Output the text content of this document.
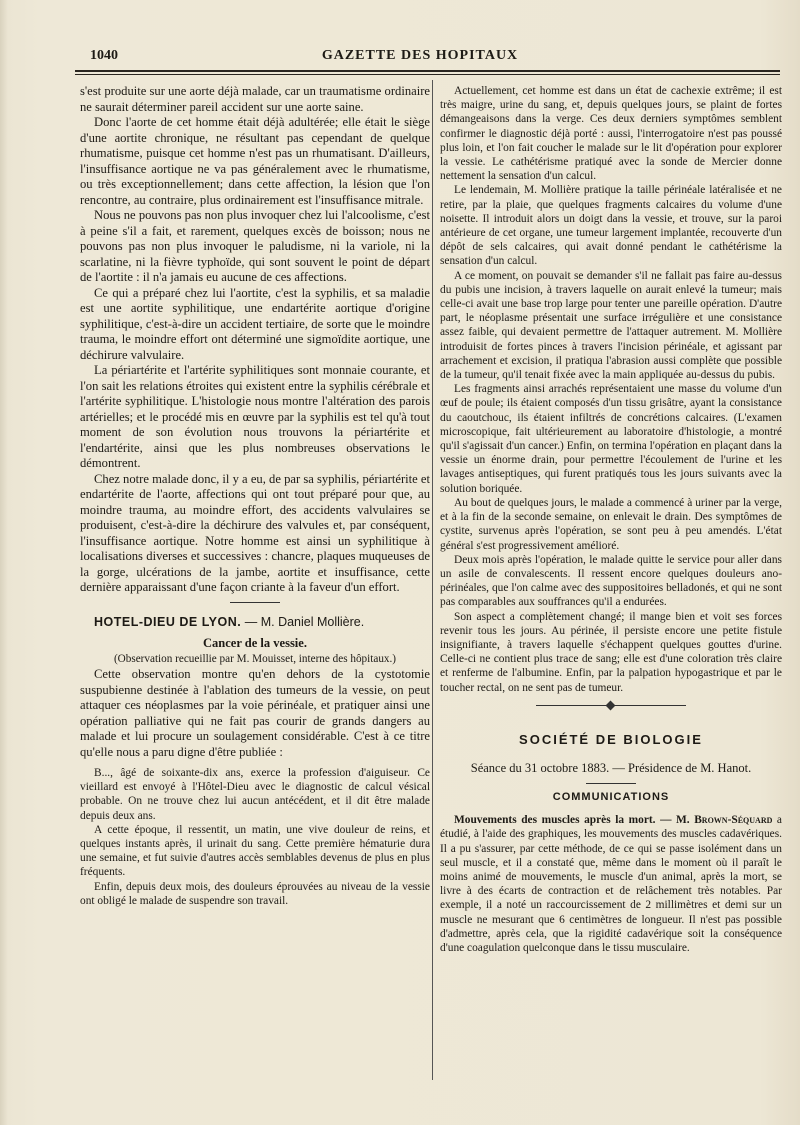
1040	GAZETTE DES HOPITAUX

s'est produite sur une aorte déjà malade, car un traumatisme ordinaire ne saurait déterminer pareil accident sur une aorte saine.

Donc l'aorte de cet homme était déjà adultérée; elle était le siège d'une aortite chronique, ne résultant pas cependant de quelque rhumatisme, puisque cet homme n'est pas un rhumatisant. D'ailleurs, l'insuffisance aortique ne va pas généralement avec le rhumatisme, ou très exceptionnellement; dans cette affection, la lésion que l'on rencontre, au contraire, plus ordinairement est l'insuffisance mitrale.

Nous ne pouvons pas non plus invoquer chez lui l'alcoolisme, c'est à peine s'il a fait, et rarement, quelques excès de boisson; nous ne pouvons pas non plus invoquer le paludisme, ni la variole, ni la scarlatine, ni la fièvre typhoïde, qui sont souvent le point de départ de l'aortite : il n'a jamais eu aucune de ces affections.

Ce qui a préparé chez lui l'aortite, c'est la syphilis, et sa maladie est une aortite syphilitique, une endartérite aortique d'origine syphilitique, c'est-à-dire un accident tertiaire, de sorte que le moindre trauma, le moindre effort ont déterminé une sigmoïdite aortique, une déchirure valvulaire.

La périartérite et l'artérite syphilitiques sont monnaie courante, et l'on sait les relations étroites qui existent entre la syphilis cérébrale et l'artérite syphilitique. L'histologie nous montre l'altération des parois artérielles; et le procédé mis en œuvre par la syphilis est tel qu'à tout moment de son évolution nous trouvons la périartérite et l'endartérite, ainsi que les plus nombreuses observations le démontrent.

Chez notre malade donc, il y a eu, de par sa syphilis, périartérite et endartérite de l'aorte, affections qui ont tout préparé pour que, au moindre trauma, au moindre effort, des accidents valvulaires se produisent, c'est-à-dire la déchirure des valvules et, par conséquent, l'insuffisance aortique. Notre homme est ainsi un syphilitique à localisations diverses et successives : chancre, plaques muqueuses de la gorge, ulcérations de la jambe, aortite et insuffisance, cette dernière apparaissant d'une façon criante à la faveur d'un effort.

HOTEL-DIEU DE LYON. — M. Daniel Mollière.

Cancer de la vessie.

(Observation recueillie par M. Mouisset, interne des hôpitaux.)

Cette observation montre qu'en dehors de la cystotomie suspubienne destinée à l'ablation des tumeurs de la vessie, on peut attaquer ces néoplasmes par la voie périnéale, et pratiquer ainsi une opération palliative qui ne fait pas courir de grands dangers au malade et lui procure un soulagement considérable. C'est à ce titre qu'elle nous a paru digne d'être publiée :

B..., âgé de soixante-dix ans, exerce la profession d'aiguiseur. Ce vieillard est envoyé à l'Hôtel-Dieu avec le diagnostic de calcul vésical probable. On ne trouve chez lui aucun antécédent, et il dit être malade depuis deux ans.

A cette époque, il ressentit, un matin, une vive douleur de reins, et quelques instants après, il urinait du sang. Cette première hématurie dura une semaine, et fut suivie d'autres accès semblables devenus de plus en plus fréquents.

Enfin, depuis deux mois, des douleurs éprouvées au niveau de la vessie ont obligé le malade de suspendre son travail.

Actuellement, cet homme est dans un état de cachexie extrême; il est très maigre, urine du sang, et, depuis quelques jours, se plaint de fortes démangeaisons dans la verge. Ces deux derniers symptômes semblent confirmer le diagnostic déjà porté : aussi, l'interrogatoire n'est pas poussé plus loin, et l'on fait coucher le malade sur le lit d'opération pour explorer la vessie. Le cathétérisme pratiqué avec la sonde de Mercier donne nettement la sensation d'un calcul.

Le lendemain, M. Mollière pratique la taille périnéale latéralisée et ne retire, par la plaie, que quelques fragments calcaires du volume d'une noisette. Il introduit alors un doigt dans la vessie, et trouve, sur la paroi antérieure de cet organe, une tumeur largement implantée, recouverte d'un dépôt de sels calcaires, qui avait donné pendant le cathétérisme la sensation d'un calcul.

A ce moment, on pouvait se demander s'il ne fallait pas faire au-dessus du pubis une incision, à travers laquelle on aurait enlevé la tumeur; mais celle-ci avait une base trop large pour tenter une pareille opération. D'autre part, le néoplasme présentait une surface irrégulière et une consistance assez faible, qui devaient permettre de l'attaquer autrement. M. Mollière introduisit de fortes pinces à travers l'incision périnéale, et agissant par arrachement et excision, il pratiqua l'abrasion aussi complète que possible de la tumeur, qu'il tenait fixée avec la main appliquée au-dessus du pubis.

Les fragments ainsi arrachés représentaient une masse du volume d'un œuf de poule; ils étaient composés d'un tissu grisâtre, ayant la consistance du caoutchouc, ils étaient infiltrés de concrétions calcaires. (L'examen microscopique, fait ultérieurement au laboratoire d'histologie, a montré qu'il s'agissait d'un cancer.) Enfin, on termina l'opération en plaçant dans la vessie un énorme drain, pour permettre l'écoulement de l'urine et les lavages antiseptiques, qui furent pratiqués tous les jours suivants avec la solution boriquée.

Au bout de quelques jours, le malade a commencé à uriner par la verge, et à la fin de la seconde semaine, on enlevait le drain. Des symptômes de cystite, survenus après l'opération, se sont peu à peu amendés. L'état général s'est progressivement amélioré.

Deux mois après l'opération, le malade quitte le service pour aller dans un asile de convalescents. Il ressent encore quelques douleurs ano-périnéales, que l'on calme avec des suppositoires belladonés, et qui ne sont pas comparables aux souffrances qu'il a endurées.

Son aspect a complètement changé; il mange bien et voit ses forces revenir tous les jours. Au périnée, il persiste encore une petite fistule insignifiante, à travers laquelle s'échappent quelques gouttes d'urine. Celle-ci ne contient plus trace de sang; elle est d'une coloration très claire et renferme de l'albumine. Enfin, par la palpation hypogastrique et par le toucher rectal, on ne sent pas de tumeur.

SOCIÉTÉ DE BIOLOGIE
Séance du 31 octobre 1883. — Présidence de M. Hanot.
COMMUNICATIONS

Mouvements des muscles après la mort. — M. Brown-Séquard a étudié, à l'aide des graphiques, les mouvements des muscles cadavériques. Il a pu s'assurer, par cette méthode, de ce qui se passe isolément dans un seul muscle, et il a constaté que, même dans le moment où il paraît le moins animé de mouvements, le muscle d'un animal, après la mort, se livre à des écarts de contraction et de relâchement très notables. Par exemple, il a noté un raccourcissement de 2 millimètres et demi sur un muscle ne mesurant que 6 centimètres de longueur. Il n'est pas possible d'admettre, après cela, que la rigidité cadavérique soit la conséquence d'une coagulation quelconque dans le tissu musculaire.
